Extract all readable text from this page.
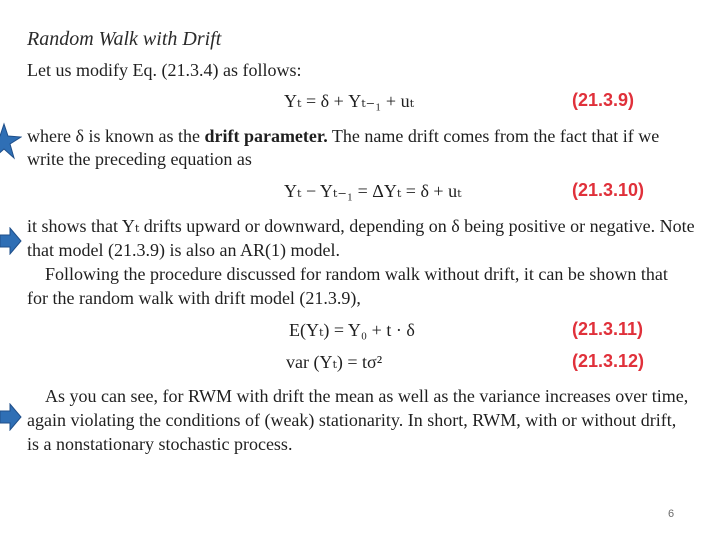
Random Walk with Drift
Let us modify Eq. (21.3.4) as follows:
Yₜ = δ + Yₜ₋₁ + uₜ	(21.3.9)
where δ is known as the drift parameter. The name drift comes from the fact that if we
write the preceding equation as
Yₜ − Yₜ₋₁ = ΔYₜ = δ + uₜ	(21.3.10)
it shows that Yₜ drifts upward or downward, depending on δ being positive or negative. Note
that model (21.3.9) is also an AR(1) model.
Following the procedure discussed for random walk without drift, it can be shown that
for the random walk with drift model (21.3.9),
E(Yₜ) = Y₀ + t · δ	(21.3.11)
var (Yₜ) = tσ²	(21.3.12)
As you can see, for RWM with drift the mean as well as the variance increases over time,
again violating the conditions of (weak) stationarity. In short, RWM, with or without drift,
is a nonstationary stochastic process.
6
